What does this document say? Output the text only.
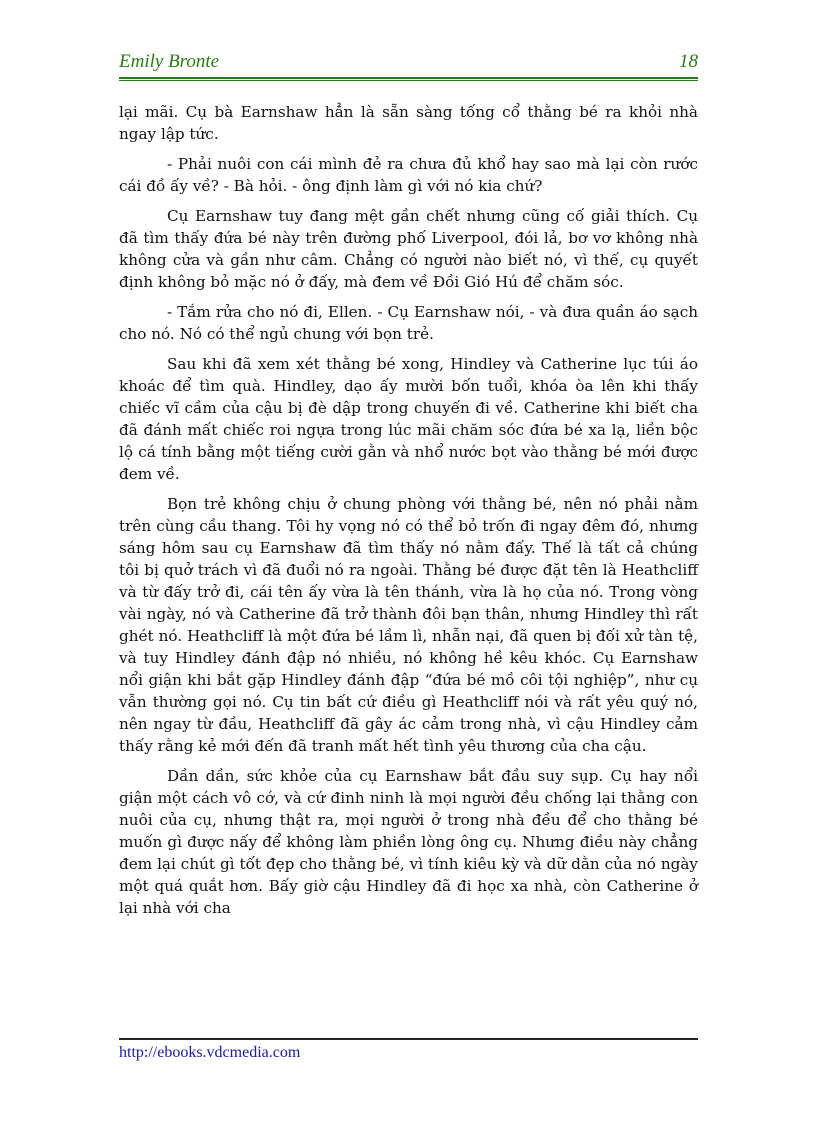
Emily Bronte	18

lại mãi. Cụ bà Earnshaw hẳn là sẵn sàng tống cổ thằng bé ra khỏi nhà ngay lập tức.

- Phải nuôi con cái mình đẻ ra chưa đủ khổ hay sao mà lại còn rước cái đồ ấy về? - Bà hỏi. - ông định làm gì với nó kia chứ?

Cụ Earnshaw tuy đang mệt gần chết nhưng cũng cố giải thích. Cụ đã tìm thấy đứa bé này trên đường phố Liverpool, đói lả, bơ vơ không nhà không cửa và gần như câm. Chẳng có người nào biết nó, vì thế, cụ quyết định không bỏ mặc nó ở đấy, mà đem về Đồi Gió Hú để chăm sóc.

- Tắm rửa cho nó đi, Ellen. - Cụ Earnshaw nói, - và đưa quần áo sạch cho nó. Nó có thể ngủ chung với bọn trẻ.

Sau khi đã xem xét thằng bé xong, Hindley và Catherine lục túi áo khoác để tìm quà. Hindley, dạo ấy mười bốn tuổi, khóa òa lên khi thấy chiếc vĩ cầm của cậu bị đè dập trong chuyến đi về. Catherine khi biết cha đã đánh mất chiếc roi ngựa trong lúc mãi chăm sóc đứa bé xa lạ, liền bộc lộ cá tính bằng một tiếng cười gằn và nhổ nước bọt vào thằng bé mới được đem về.

Bọn trẻ không chịu ở chung phòng với thằng bé, nên nó phải nằm trên cùng cầu thang. Tôi hy vọng nó có thể bỏ trốn đi ngay đêm đó, nhưng sáng hôm sau cụ Earnshaw đã tìm thấy nó nằm đấy. Thế là tất cả chúng tôi bị quở trách vì đã đuổi nó ra ngoài. Thằng bé được đặt tên là Heathcliff và từ đấy trở đi, cái tên ấy vừa là tên thánh, vừa là họ của nó. Trong vòng vài ngày, nó và Catherine đã trở thành đôi bạn thân, nhưng Hindley thì rất ghét nó. Heathcliff là một đứa bé lầm lì, nhẫn nại, đã quen bị đối xử tàn tệ, và tuy Hindley đánh đập nó nhiều, nó không hề kêu khóc. Cụ Earnshaw nổi giận khi bắt gặp Hindley đánh đập “đứa bé mồ côi tội nghiệp”, như cụ vẫn thường gọi nó. Cụ tin bất cứ điều gì Heathcliff nói và rất yêu quý nó, nên ngay từ đầu, Heathcliff đã gây ác cảm trong nhà, vì cậu Hindley cảm thấy rằng kẻ mới đến đã tranh mất hết tình yêu thương của cha cậu.

Dần dần, sức khỏe của cụ Earnshaw bắt đầu suy sụp. Cụ hay nổi giận một cách vô cớ, và cứ đinh ninh là mọi người đều chống lại thằng con nuôi của cụ, nhưng thật ra, mọi người ở trong nhà đều để cho thằng bé muốn gì được nấy để không làm phiền lòng ông cụ. Nhưng điều này chẳng đem lại chút gì tốt đẹp cho thằng bé, vì tính kiêu kỳ và dữ dằn của nó ngày một quá quắt hơn. Bấy giờ cậu Hindley đã đi học xa nhà, còn Catherine ở lại nhà với cha

http://ebooks.vdcmedia.com
